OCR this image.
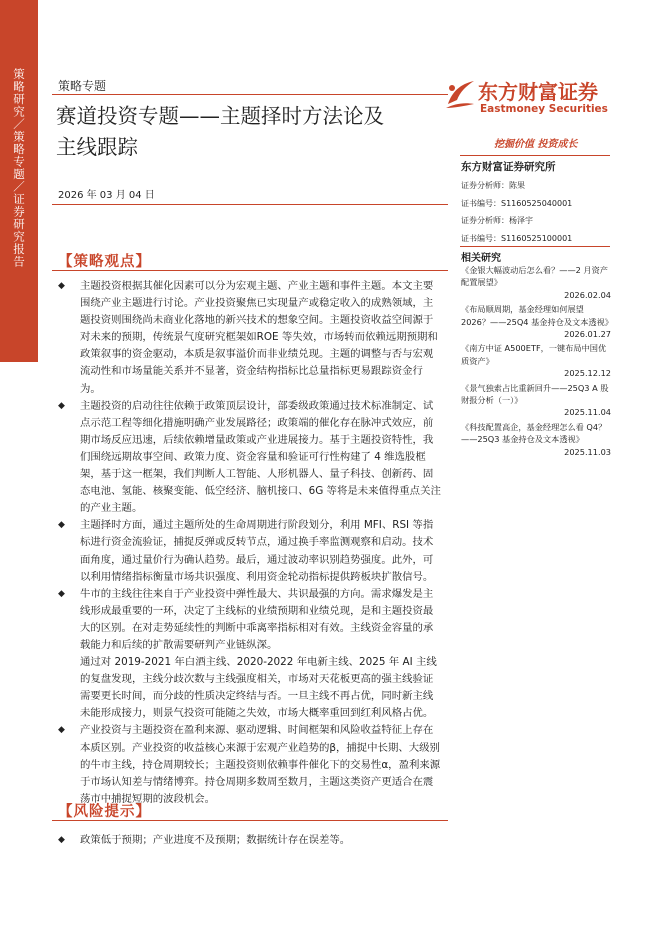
策略研究／策略专题／证券研究报告	策略专题
赛道投资专题——主题择时方法论及
主线跟踪
2026 年 03 月 04 日
【策略观点】
◆ 主题投资根据其催化因素可以分为宏观主题、产业主题和事件主题。本文主要围绕产业主题进行讨论。产业投资聚焦已实现量产或稳定收入的成熟领域，主题投资则围绕尚未商业化落地的新兴技术的想象空间。主题投资收益空间源于对未来的预期，传统景气度研究框架如ROE 等失效，市场转而依赖远期预期和政策叙事的资金驱动，本质是叙事溢价而非业绩兑现。主题的调整与否与宏观流动性和市场量能关系并不显著，资金结构指标比总量指标更易跟踪资金行为。
◆ 主题投资的启动往往依赖于政策顶层设计，部委级政策通过技术标准制定、试点示范工程等细化措施明确产业发展路径；政策端的催化存在脉冲式效应，前期市场反应迅速，后续依赖增量政策或产业进展接力。基于主题投资特性，我们围绕远期故事空间、政策力度、资金容量和验证可行性构建了 4 维选股框架，基于这一框架，我们判断人工智能、人形机器人、量子科技、创新药、固态电池、氢能、核聚变能、低空经济、脑机接口、6G 等将是未来值得重点关注的产业主题。
◆ 主题择时方面，通过主题所处的生命周期进行阶段划分，利用 MFI、RSI 等指标进行资金流验证，捕捉反弹或反转节点，通过换手率监测观察和启动。技术面角度，通过量价行为确认趋势。最后，通过波动率识别趋势强度。此外，可以利用情绪指标衡量市场共识强度、利用资金轮动指标提供跨板块扩散信号。
◆ 牛市的主线往往来自于产业投资中弹性最大、共识最强的方向。需求爆发是主线形成最重要的一环，决定了主线标的业绩预期和业绩兑现，是和主题投资最大的区别。在对走势延续性的判断中乖离率指标相对有效。主线资金容量的承载能力和后续的扩散需要研判产业链纵深。
通过对 2019-2021 年白酒主线、2020-2022 年电新主线、2025 年 AI 主线的复盘发现，主线分歧次数与主线强度相关，市场对天花板更高的强主线验证需要更长时间，而分歧的性质决定终结与否。一旦主线不再占优，同时新主线未能形成接力，则景气投资可能随之失效，市场大概率重回到红利风格占优。
◆ 产业投资与主题投资在盈利来源、驱动逻辑、时间框架和风险收益特征上存在本质区别。产业投资的收益核心来源于宏观产业趋势的β，捕捉中长期、大级别的牛市主线，持仓周期较长；主题投资则依赖事件催化下的交易性α，盈利来源于市场认知差与情绪博弈。持仓周期多数周至数月，主题这类资产更适合在震荡市中捕捉短期的波段机会。
【风险提示】
◆ 政策低于预期；产业进度不及预期；数据统计存在误差等。
东方财富证券
Eastmoney Securities
挖掘价值 投资成长
东方财富证券研究所
证券分析师：陈果
证书编号：S1160525040001
证券分析师：杨泽宇
证书编号：S1160525100001
相关研究
《金银大幅波动后怎么看？——2 月资产配置展望》
2026.02.04
《布局顺周期，基金经理如何展望 2026？——25Q4 基金持仓及文本透视》
2026.01.27
《南方中证 A500ETF，一键布局中国优质资产》
2025.12.12
《景气独索占比重新回升——25Q3 A 股财报分析（一）》
2025.11.04
《科技配置高企，基金经理怎么看 Q4？——25Q3 基金持仓及文本透视》
2025.11.03
